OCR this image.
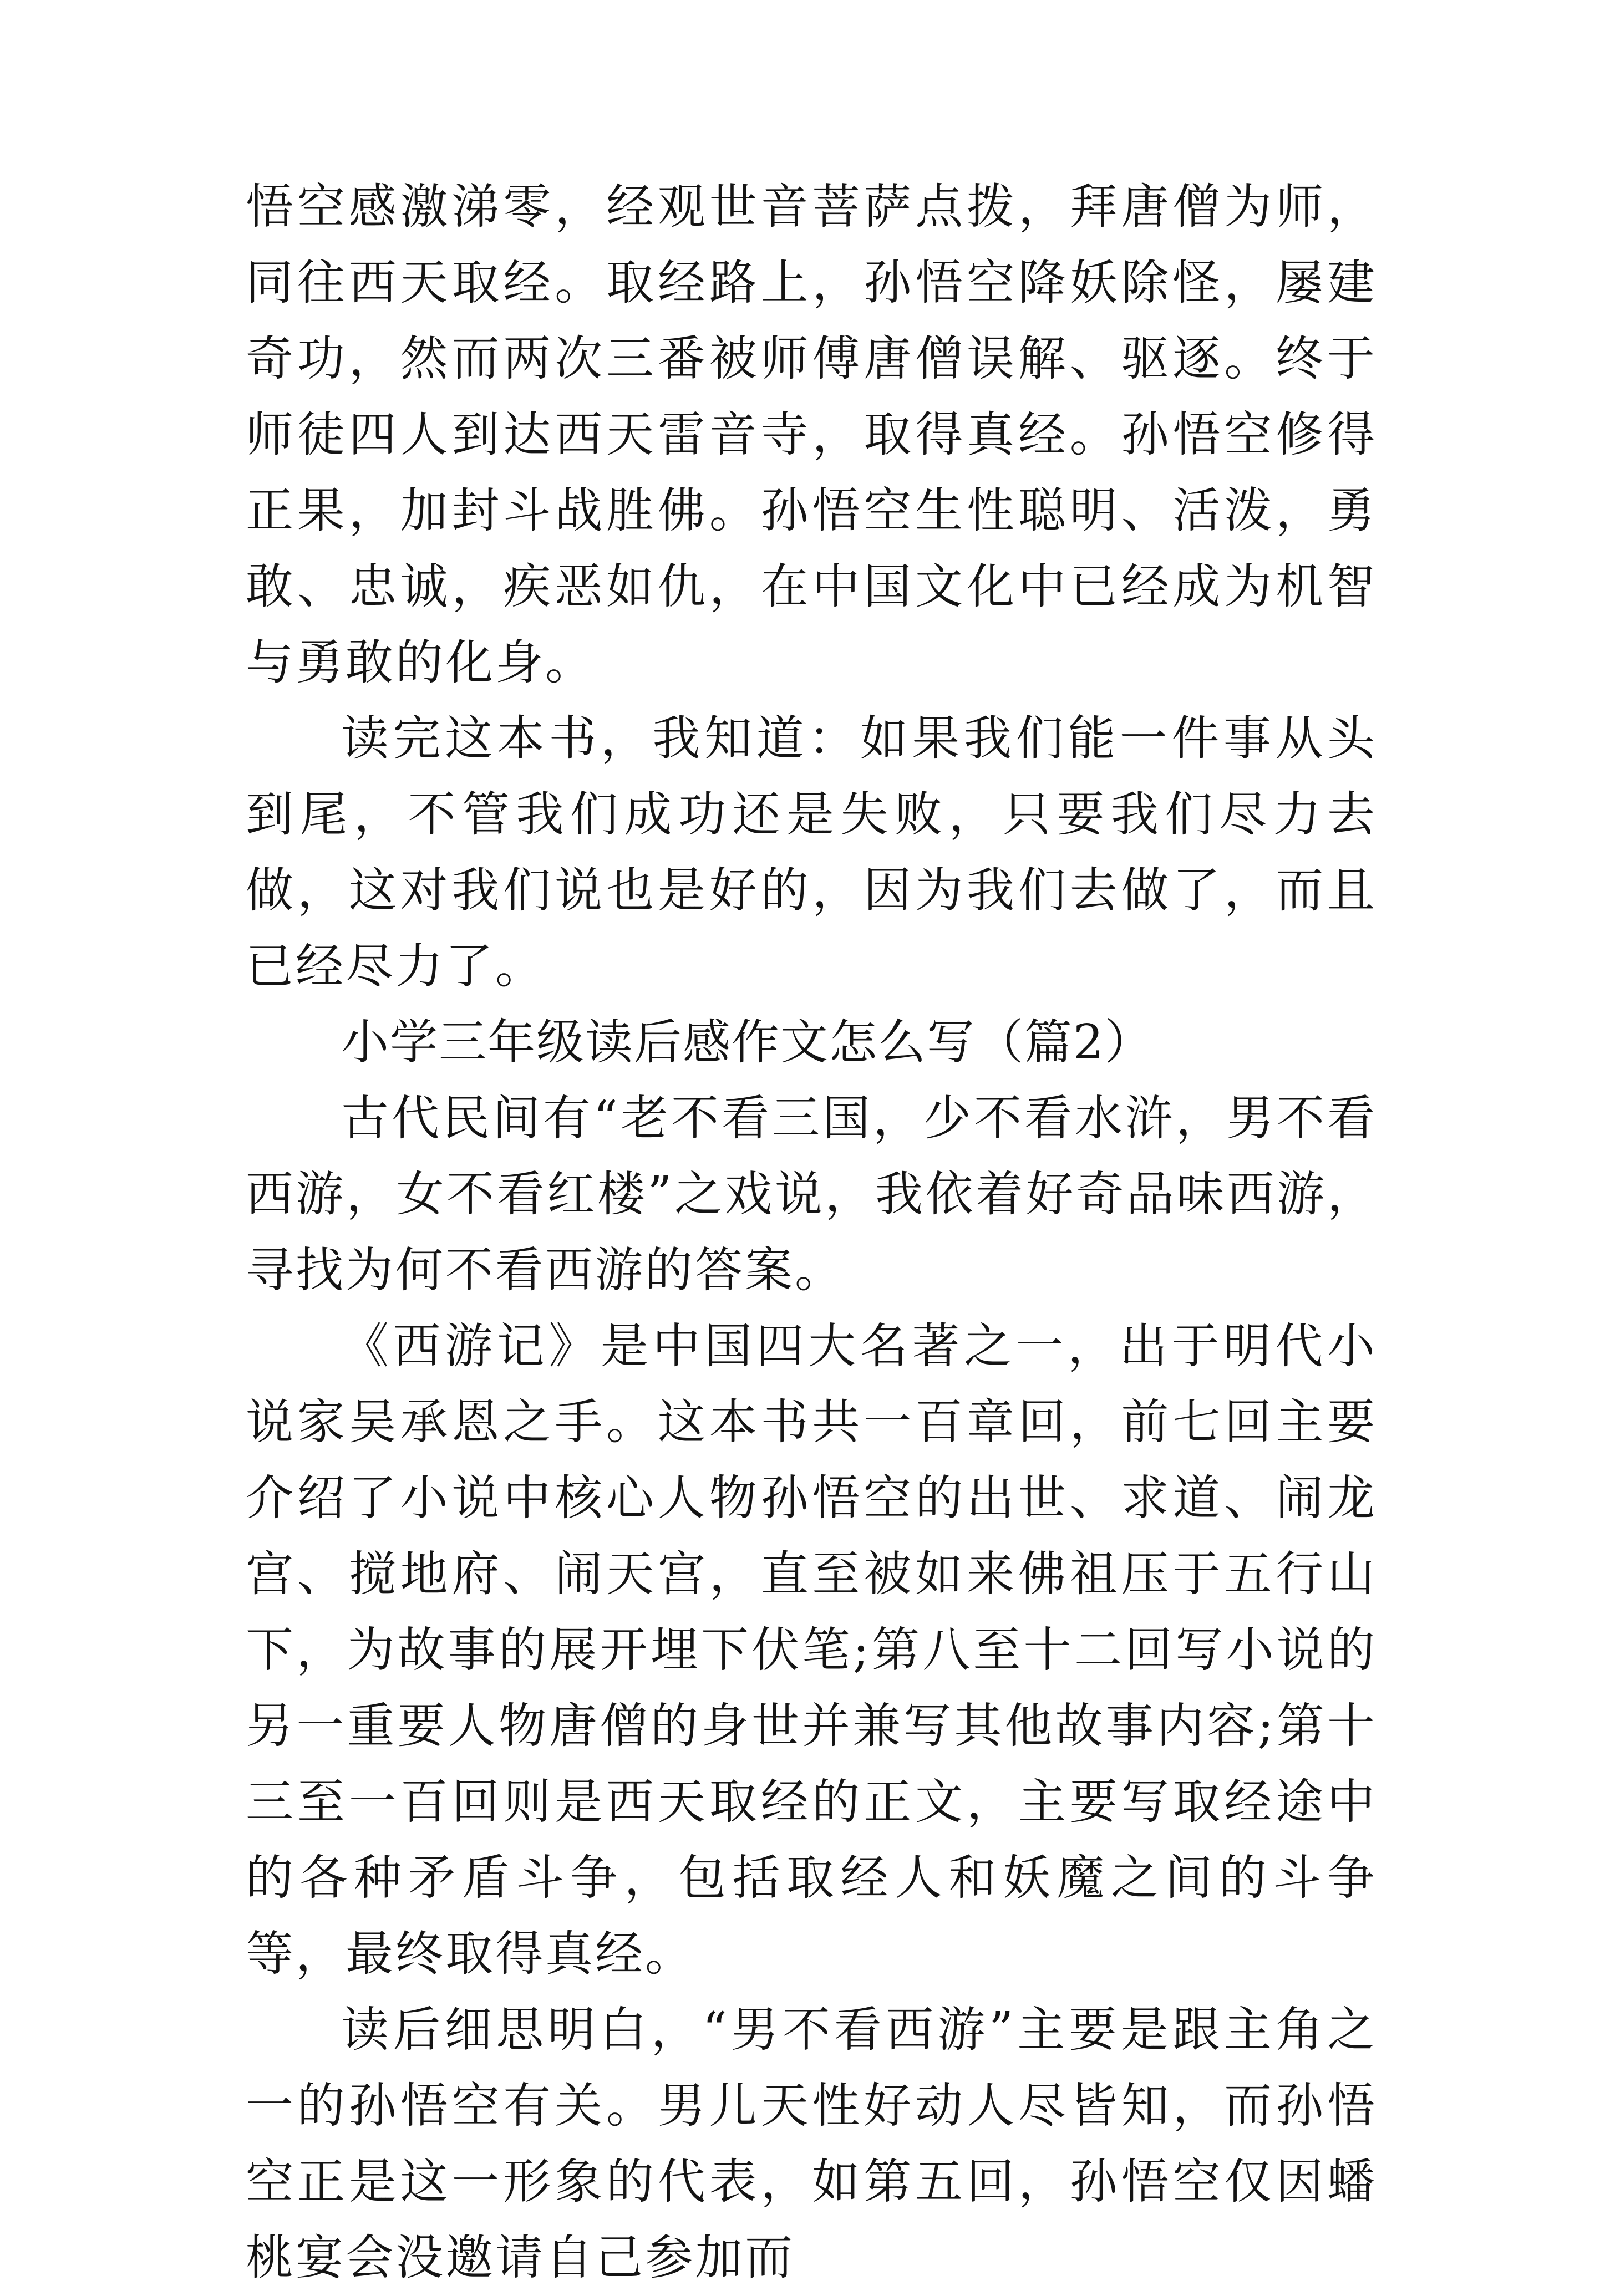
悟空感激涕零，经观世音菩萨点拨，拜唐僧为师，同往西天取经。取经路上，孙悟空降妖除怪，屡建奇功，然而两次三番被师傅唐僧误解、驱逐。终于师徒四人到达西天雷音寺，取得真经。孙悟空修得正果，加封斗战胜佛。孙悟空生性聪明、活泼，勇敢、忠诚，疾恶如仇，在中国文化中已经成为机智与勇敢的化身。

读完这本书，我知道：如果我们能一件事从头到尾，不管我们成功还是失败，只要我们尽力去做，这对我们说也是好的，因为我们去做了，而且已经尽力了。

小学三年级读后感作文怎么写（篇2）

古代民间有“老不看三国，少不看水浒，男不看西游，女不看红楼”之戏说，我依着好奇品味西游，寻找为何不看西游的答案。

《西游记》是中国四大名著之一，出于明代小说家吴承恩之手。这本书共一百章回，前七回主要介绍了小说中核心人物孙悟空的出世、求道、闹龙宫、搅地府、闹天宫，直至被如来佛祖压于五行山下，为故事的展开埋下伏笔;第八至十二回写小说的另一重要人物唐僧的身世并兼写其他故事内容;第十三至一百回则是西天取经的正文，主要写取经途中的各种矛盾斗争，包括取经人和妖魔之间的斗争等，最终取得真经。

读后细思明白，“男不看西游”主要是跟主角之一的孙悟空有关。男儿天性好动人尽皆知，而孙悟空正是这一形象的代表，如第五回，孙悟空仅因蟠桃宴会没邀请自己参加而
